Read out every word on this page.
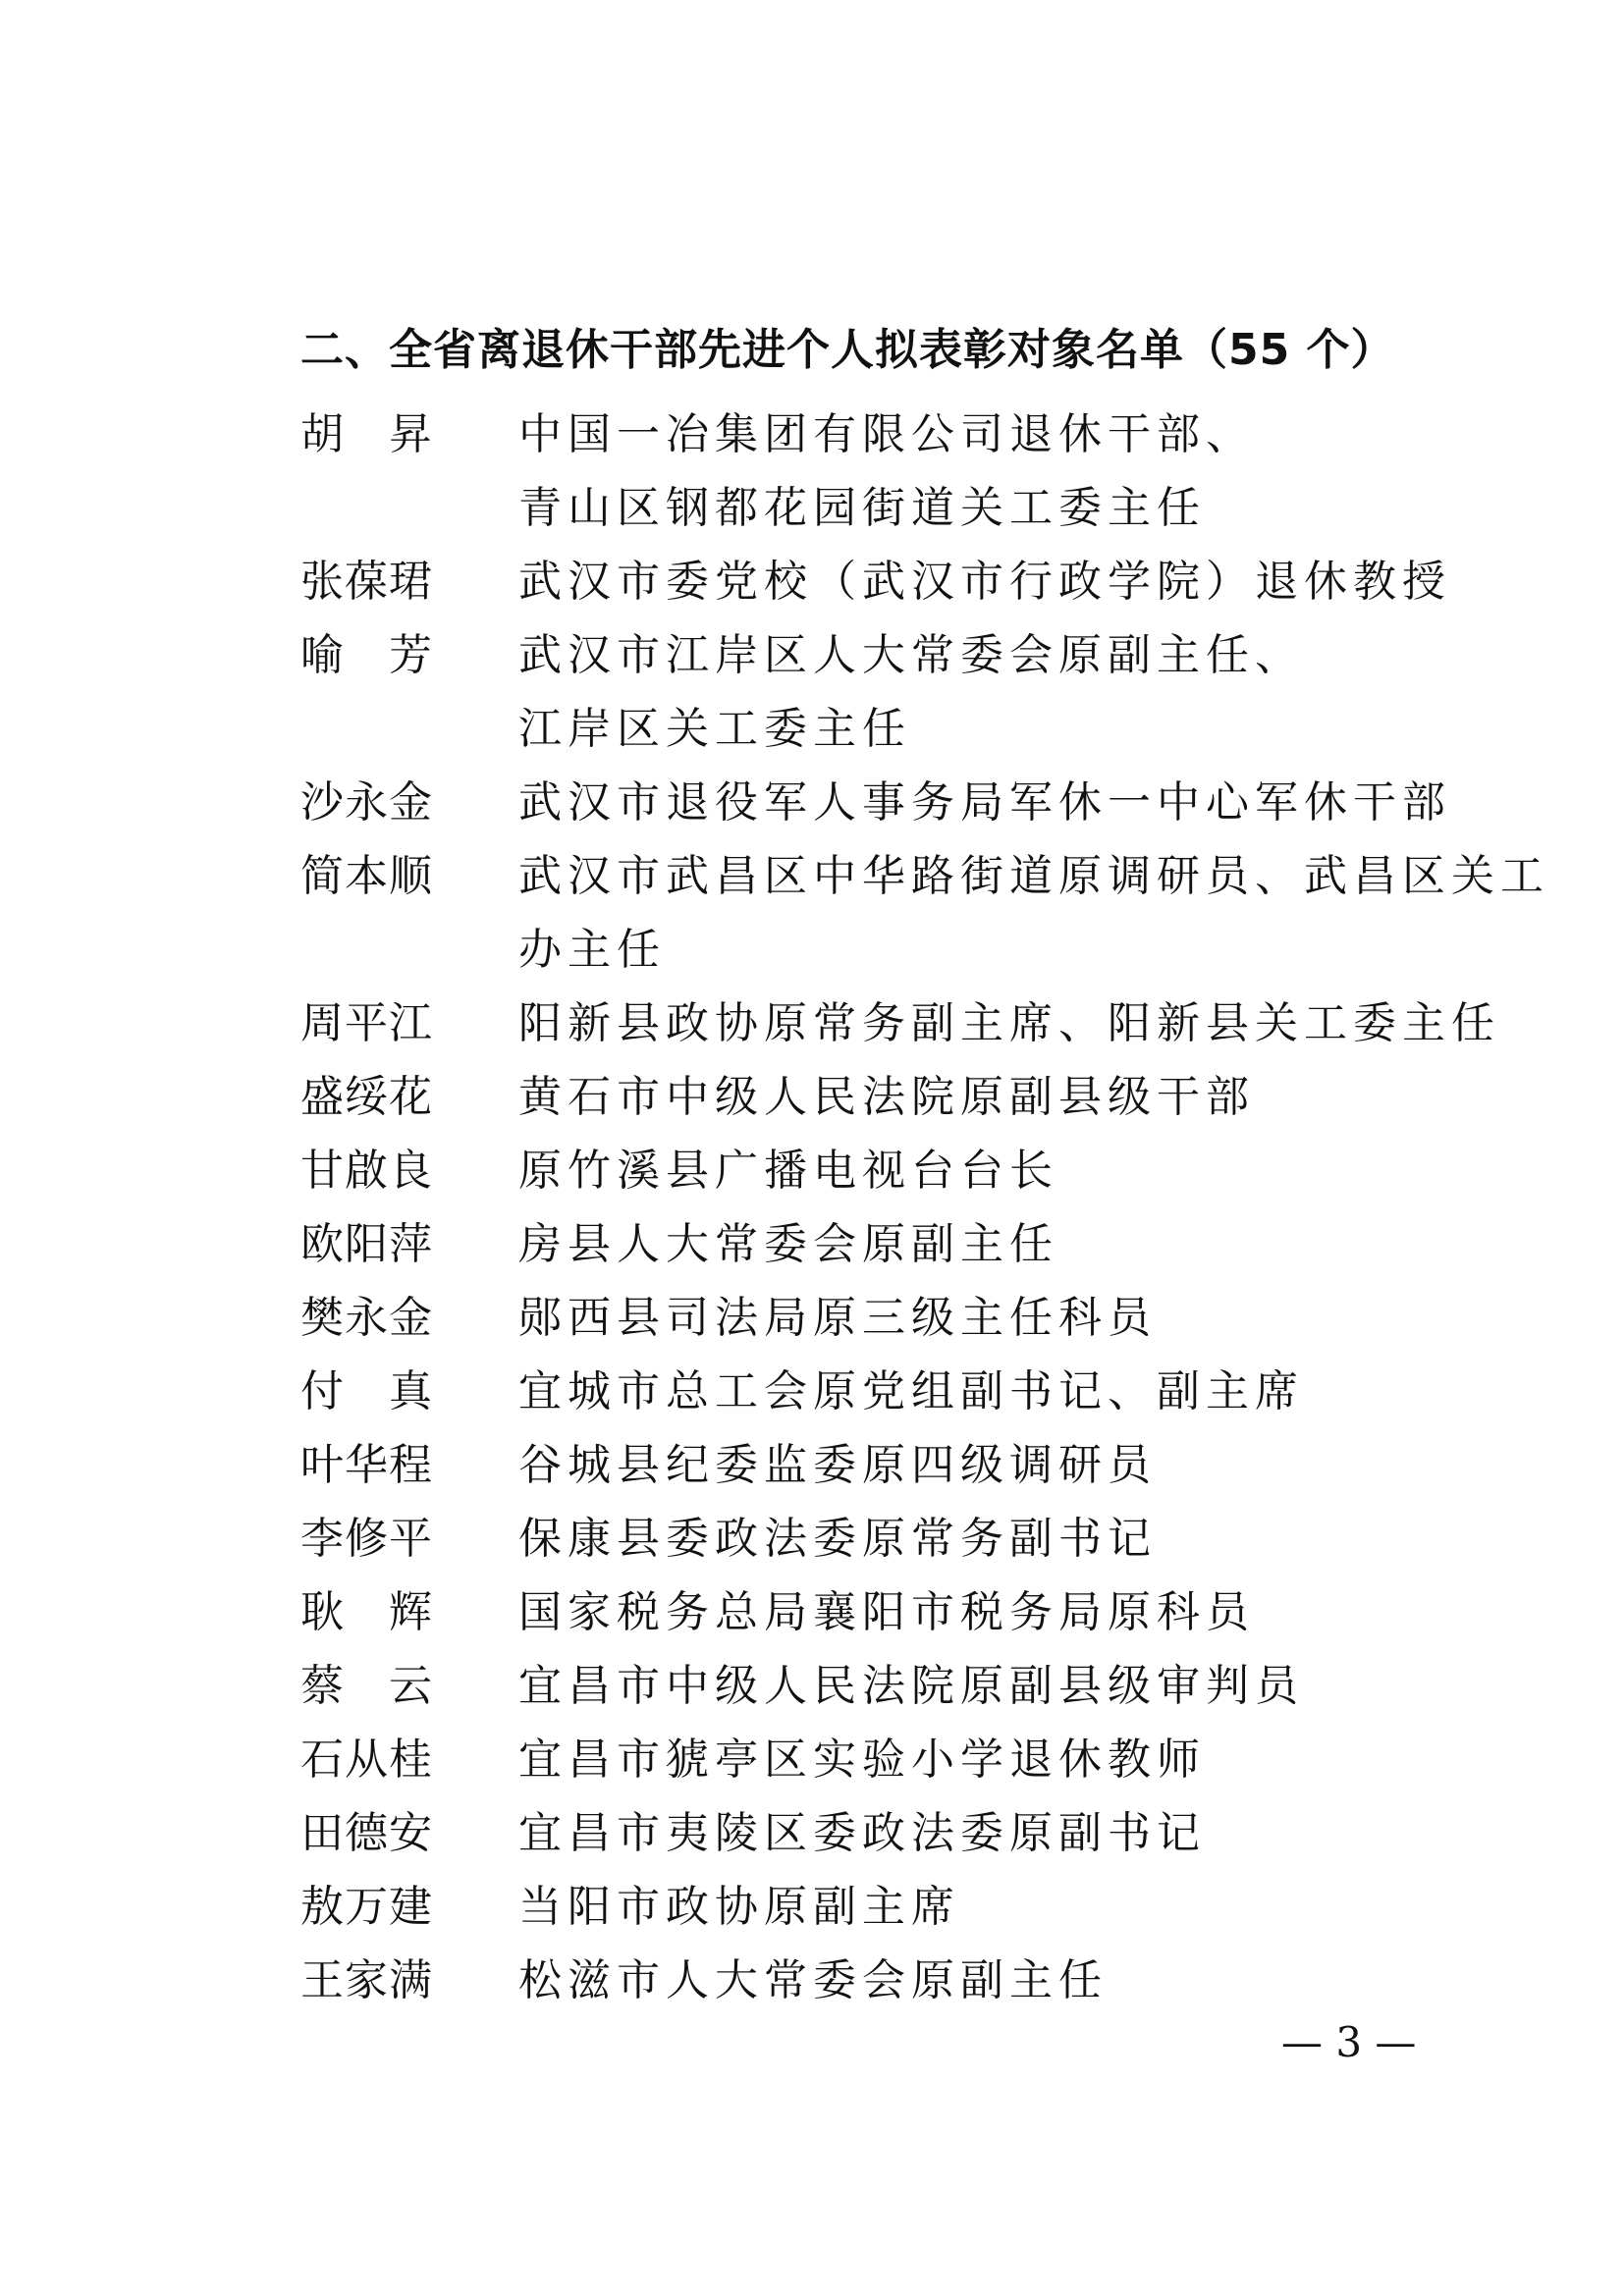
二、全省离退休干部先进个人拟表彰对象名单（55 个）
胡　昇	中国一冶集团有限公司退休干部、
青山区钢都花园街道关工委主任
张葆珺	武汉市委党校（武汉市行政学院）退休教授
喻　芳	武汉市江岸区人大常委会原副主任、
江岸区关工委主任
沙永金	武汉市退役军人事务局军休一中心军休干部
简本顺	武汉市武昌区中华路街道原调研员、武昌区关工
办主任
周平江	阳新县政协原常务副主席、阳新县关工委主任
盛绥花	黄石市中级人民法院原副县级干部
甘啟良	原竹溪县广播电视台台长
欧阳萍	房县人大常委会原副主任
樊永金	郧西县司法局原三级主任科员
付　真	宜城市总工会原党组副书记、副主席
叶华程	谷城县纪委监委原四级调研员
李修平	保康县委政法委原常务副书记
耿　辉	国家税务总局襄阳市税务局原科员
蔡　云	宜昌市中级人民法院原副县级审判员
石从桂	宜昌市猇亭区实验小学退休教师
田德安	宜昌市夷陵区委政法委原副书记
敖万建	当阳市政协原副主席
王家满	松滋市人大常委会原副主任
— 3 —
